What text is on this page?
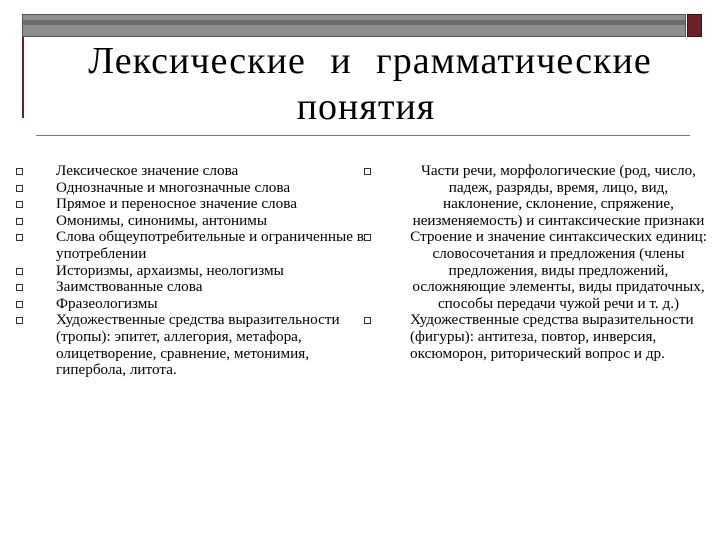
Лексические и грамматические
понятия
Лексическое значение слова
Однозначные и многозначные слова
Прямое и переносное значение слова
Омонимы, синонимы, антонимы
Слова общеупотребительные и ограниченные в употреблении
Историзмы, архаизмы, неологизмы
Заимствованные слова
Фразеологизмы
Художественные средства выразительности (тропы): эпитет, аллегория, метафора, олицетворение, сравнение, метонимия, гипербола, литота.
Части речи, морфологические (род, число, падеж, разряды, время, лицо, вид, наклонение, склонение, спряжение, неизменяемость) и синтаксические признаки
Строение и значение синтаксических единиц: словосочетания и предложения (члены предложения, виды предложений, осложняющие элементы, виды придаточных, способы передачи чужой речи и т. д.)
Художественные средства выразительности (фигуры): антитеза, повтор, инверсия, оксюморон, риторический вопрос и др.
